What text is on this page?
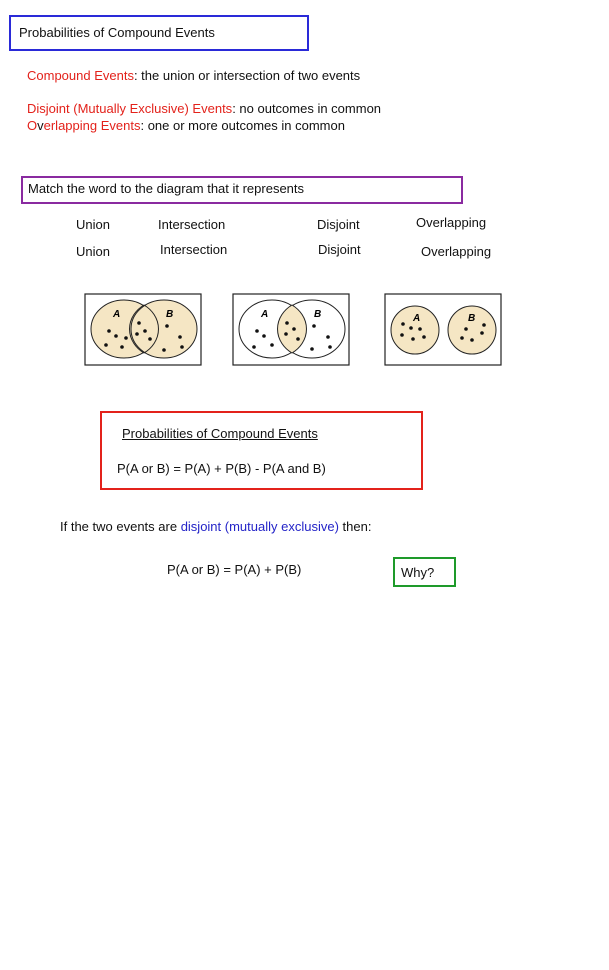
Probabilities of Compound Events
Compound Events: the union or intersection of two events
Disjoint (Mutually Exclusive) Events: no outcomes in common
Overlapping Events: one or more outcomes in common
Match the word to the diagram that it represents
Union	Intersection	Disjoint	Overlapping
Union	Intersection	Disjoint	Overlapping
A	B	A	B	A	B
Probabilities of Compound Events
P(A or B) = P(A) + P(B) - P(A and B)
If the two events are disjoint (mutually exclusive) then:
P(A or B) = P(A) + P(B)	Why?
